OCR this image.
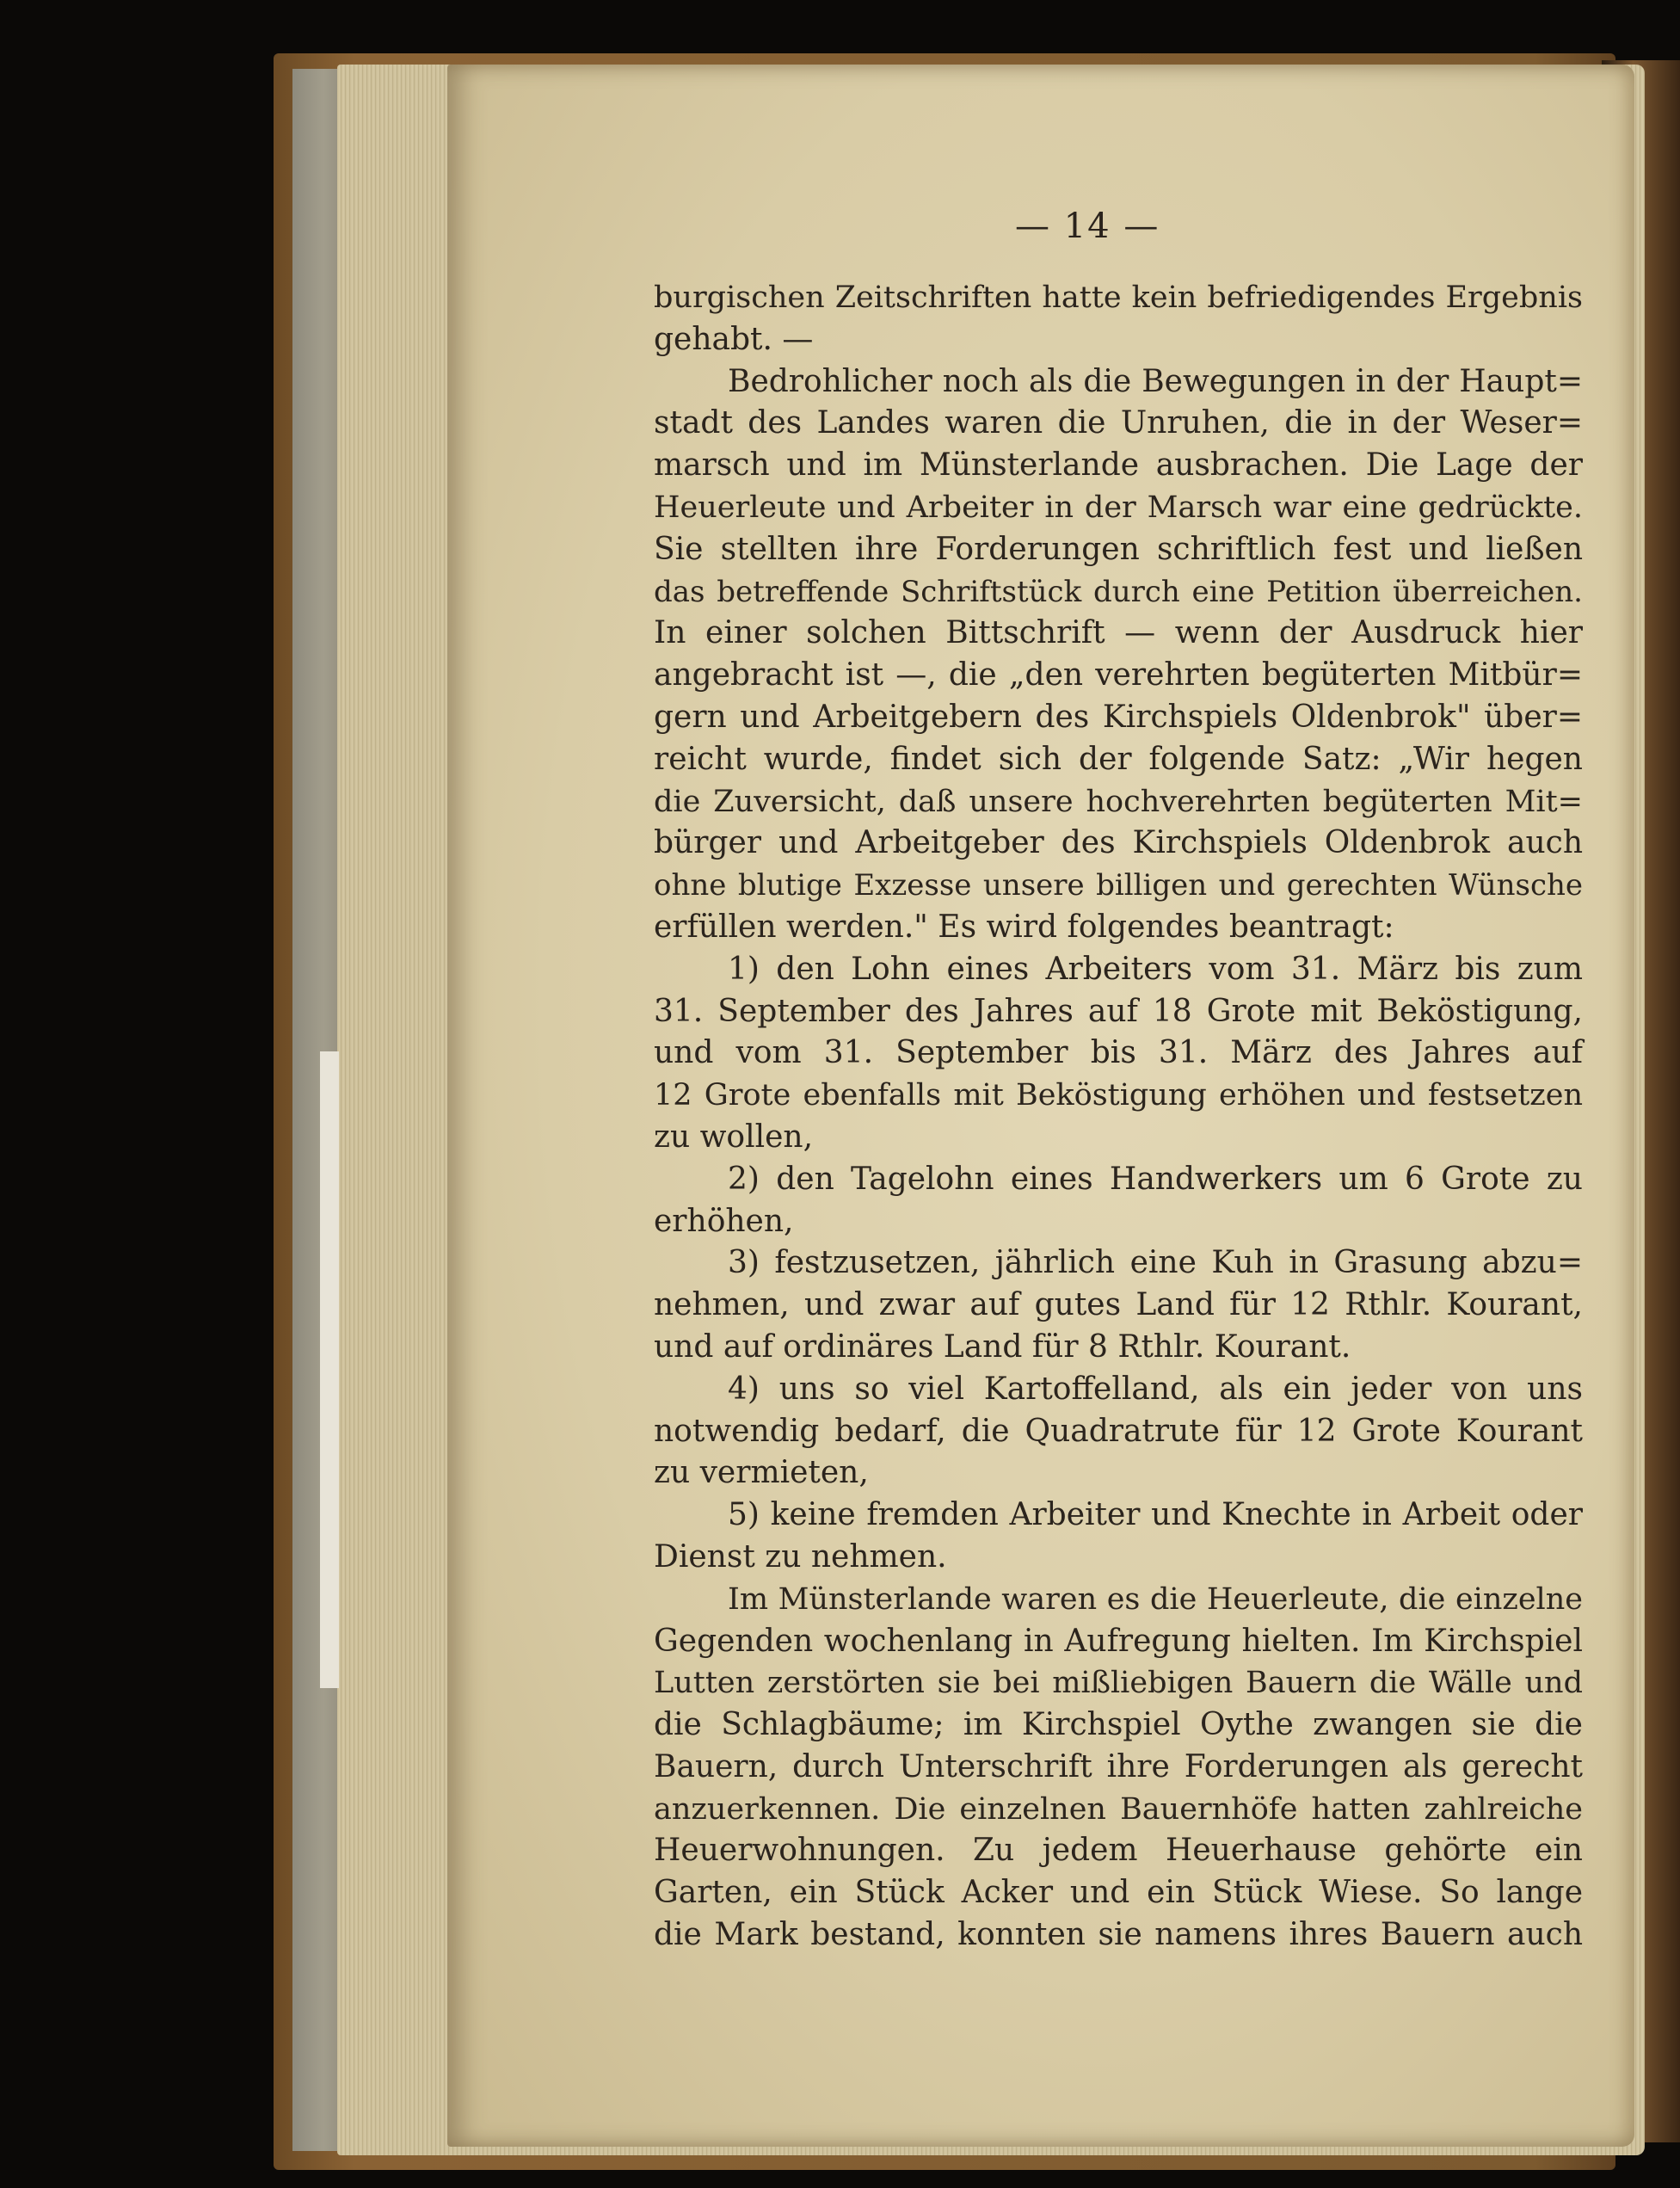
— 14 —
burgischen Zeitschriften hatte kein befriedigendes Ergebnis
gehabt. —
Bedrohlicher noch als die Bewegungen in der Haupt=
stadt des Landes waren die Unruhen, die in der Weser=
marsch und im Münsterlande ausbrachen. Die Lage der
Heuerleute und Arbeiter in der Marsch war eine gedrückte.
Sie stellten ihre Forderungen schriftlich fest und ließen
das betreffende Schriftstück durch eine Petition überreichen.
In einer solchen Bittschrift — wenn der Ausdruck hier
angebracht ist —, die „den verehrten begüterten Mitbür=
gern und Arbeitgebern des Kirchspiels Oldenbrok" über=
reicht wurde, findet sich der folgende Satz: „Wir hegen
die Zuversicht, daß unsere hochverehrten begüterten Mit=
bürger und Arbeitgeber des Kirchspiels Oldenbrok auch
ohne blutige Exzesse unsere billigen und gerechten Wünsche
erfüllen werden." Es wird folgendes beantragt:
1) den Lohn eines Arbeiters vom 31. März bis zum
31. September des Jahres auf 18 Grote mit Beköstigung,
und vom 31. September bis 31. März des Jahres auf
12 Grote ebenfalls mit Beköstigung erhöhen und festsetzen
zu wollen,
2) den Tagelohn eines Handwerkers um 6 Grote zu
erhöhen,
3) festzusetzen, jährlich eine Kuh in Grasung abzu=
nehmen, und zwar auf gutes Land für 12 Rthlr. Kourant,
und auf ordinäres Land für 8 Rthlr. Kourant.
4) uns so viel Kartoffelland, als ein jeder von uns
notwendig bedarf, die Quadratrute für 12 Grote Kourant
zu vermieten,
5) keine fremden Arbeiter und Knechte in Arbeit oder
Dienst zu nehmen.
Im Münsterlande waren es die Heuerleute, die einzelne
Gegenden wochenlang in Aufregung hielten. Im Kirchspiel
Lutten zerstörten sie bei mißliebigen Bauern die Wälle und
die Schlagbäume; im Kirchspiel Oythe zwangen sie die
Bauern, durch Unterschrift ihre Forderungen als gerecht
anzuerkennen. Die einzelnen Bauernhöfe hatten zahlreiche
Heuerwohnungen. Zu jedem Heuerhause gehörte ein
Garten, ein Stück Acker und ein Stück Wiese. So lange
die Mark bestand, konnten sie namens ihres Bauern auch
